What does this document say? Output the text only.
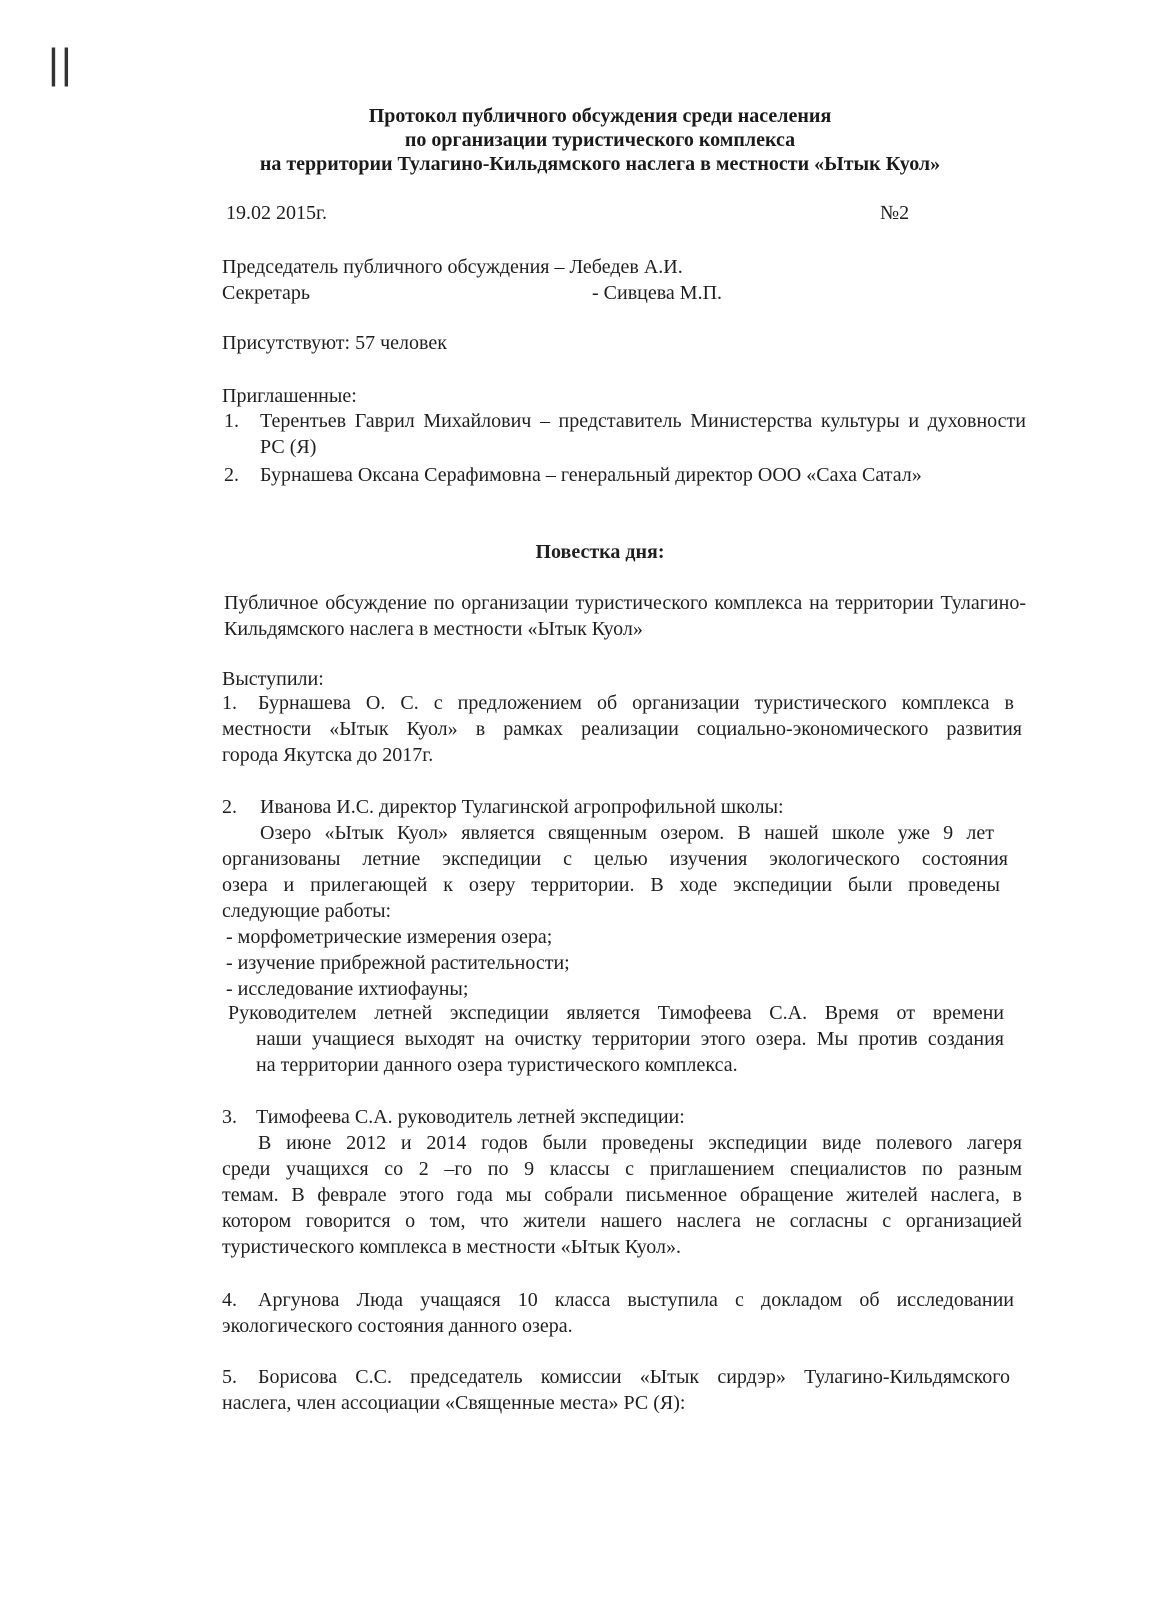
||
Протокол публичного обсуждения среди населения
по организации туристического комплекса
на территории Тулагино-Кильдямского наслега в местности «Ытык Куол»
19.02 2015г.	№2
Председатель публичного обсуждения – Лебедев А.И.
Секретарь	- Сивцева М.П.
Присутствуют: 57 человек
Приглашенные:
1.	Терентьев Гаврил Михайлович – представитель Министерства культуры и духовности РС (Я)
2.	Бурнашева Оксана Серафимовна – генеральный директор ООО «Саха Сатал»
Повестка дня:
Публичное обсуждение по организации туристического комплекса на территории Тулагино-Кильдямского наслега в местности «Ытык Куол»
Выступили:
1. Бурнашева О. С. с предложением об организации туристического комплекса в
местности «Ытык Куол» в рамках реализации социально-экономического развития
города Якутска до 2017г.
2. Иванова И.С. директор Тулагинской агропрофильной школы:
Озеро «Ытык Куол» является священным озером. В нашей школе уже 9 лет
организованы летние экспедиции с целью изучения экологического состояния
озера и прилегающей к озеру территории. В ходе экспедиции были проведены
следующие работы:
- морфометрические измерения озера;
- изучение прибрежной растительности;
- исследование ихтиофауны;
Руководителем летней экспедиции является Тимофеева С.А. Время от времени
наши учащиеся выходят на очистку территории этого озера. Мы против создания
на территории данного озера туристического комплекса.
3. Тимофеева С.А. руководитель летней экспедиции:
В июне 2012 и 2014 годов были проведены экспедиции виде полевого лагеря
среди учащихся со 2 –го по 9 классы с приглашением специалистов по разным
темам. В феврале этого года мы собрали письменное обращение жителей наслега, в
котором говорится о том, что жители нашего наслега не согласны с организацией
туристического комплекса в местности «Ытык Куол».
4. Аргунова Люда учащаяся 10 класса выступила с докладом об исследовании
экологического состояния данного озера.
5. Борисова С.С. председатель комиссии «Ытык сирдэр» Тулагино-Кильдямского
наслега, член ассоциации «Священные места» РС (Я):
